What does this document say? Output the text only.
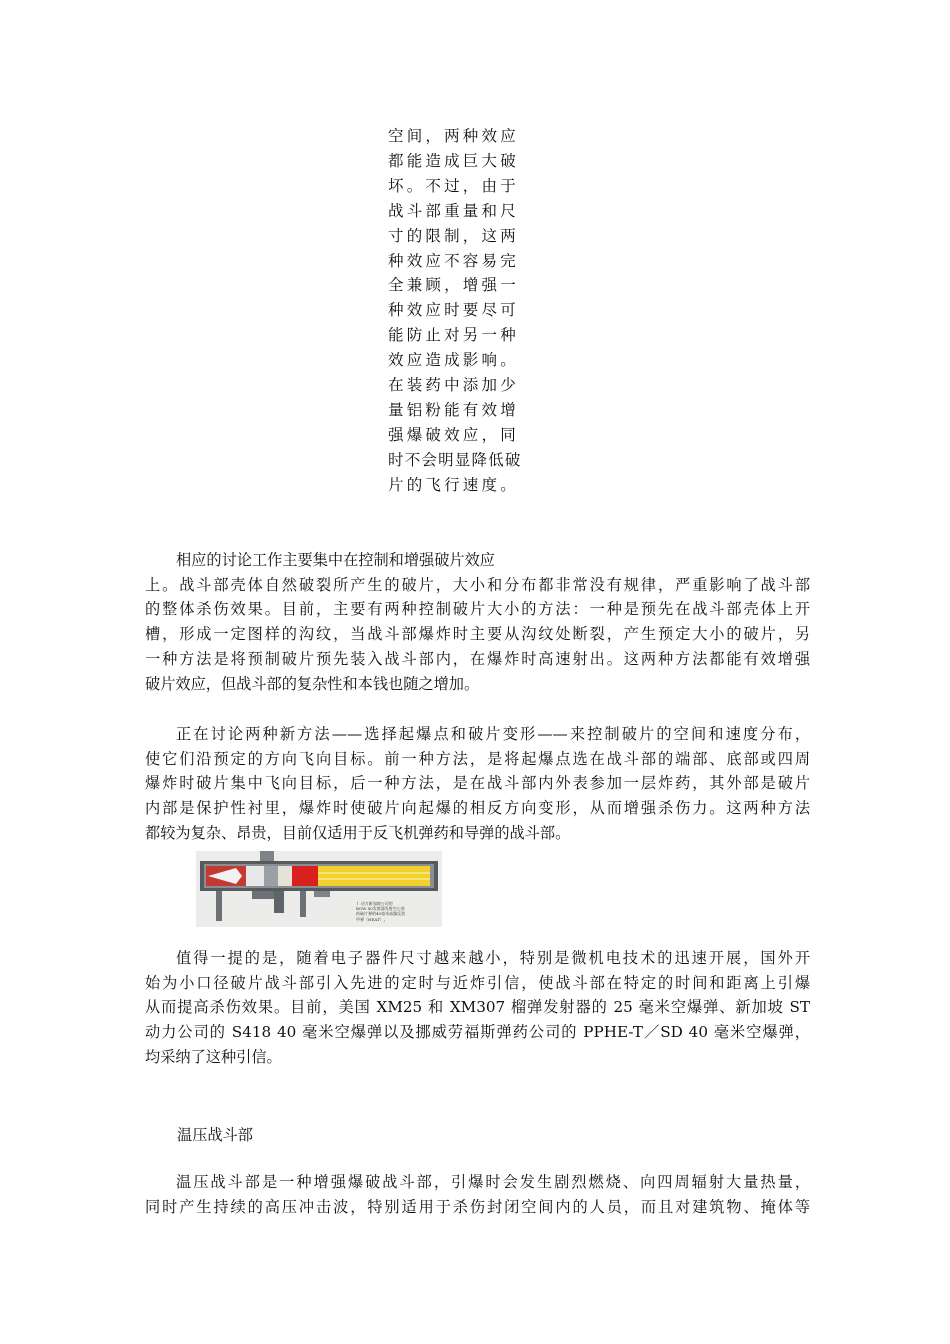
空间，两种效应
都能造成巨大破
坏。不过，由于
战斗部重量和尺
寸的限制，这两
种效应不容易完
全兼顾，增强一
种效应时要尽可
能防止对另一种
效应造成影响。
在装药中添加少
量铝粉能有效增
强爆破效应，同
时不会明显降低破
片的飞行速度。
相应的讨论工作主要集中在控制和增强破片效应
上。战斗部壳体自然破裂所产生的破片，大小和分布都非常没有规律，严重影响了战斗部
的整体杀伤效果。目前，主要有两种控制破片大小的方法：一种是预先在战斗部壳体上开
槽，形成一定图样的沟纹，当战斗部爆炸时主要从沟纹处断裂，产生预定大小的破片，另
一种方法是将预制破片预先装入战斗部内，在爆炸时高速射出。这两种方法都能有效增强
破片效应，但战斗部的复杂性和本钱也随之增加。
正在讨论两种新方法——选择起爆点和破片变形——来控制破片的空间和速度分布，
使它们沿预定的方向飞向目标。前一种方法，是将起爆点选在战斗部的端部、底部或四周
爆炸时破片集中飞向目标，后一种方法，是在战斗部内外表参加一层炸药，其外部是破片
内部是保护性衬里，爆炸时使破片向起爆的相反方向变形，从而增强杀伤力。这两种方法
都较为复杂、昂贵，目前仅适用于反飞机弹药和导弹的战斗部。
↑ 动力新加坡公司的
BOW 40发射器发射空心装
药破片弹的40毫米高爆反装
甲弹（HEAT）。
值得一提的是，随着电子器件尺寸越来越小，特别是微机电技术的迅速开展，国外开
始为小口径破片战斗部引入先进的定时与近炸引信，使战斗部在特定的时间和距离上引爆
从而提高杀伤效果。目前，美国 XM25 和 XM307 榴弹发射器的 25 毫米空爆弹、新加坡 ST
动力公司的 S418 40 毫米空爆弹以及挪威劳福斯弹药公司的 PPHE-T／SD 40 毫米空爆弹，
均采纳了这种引信。
温压战斗部
温压战斗部是一种增强爆破战斗部，引爆时会发生剧烈燃烧、向四周辐射大量热量，
同时产生持续的高压冲击波，特别适用于杀伤封闭空间内的人员，而且对建筑物、掩体等
